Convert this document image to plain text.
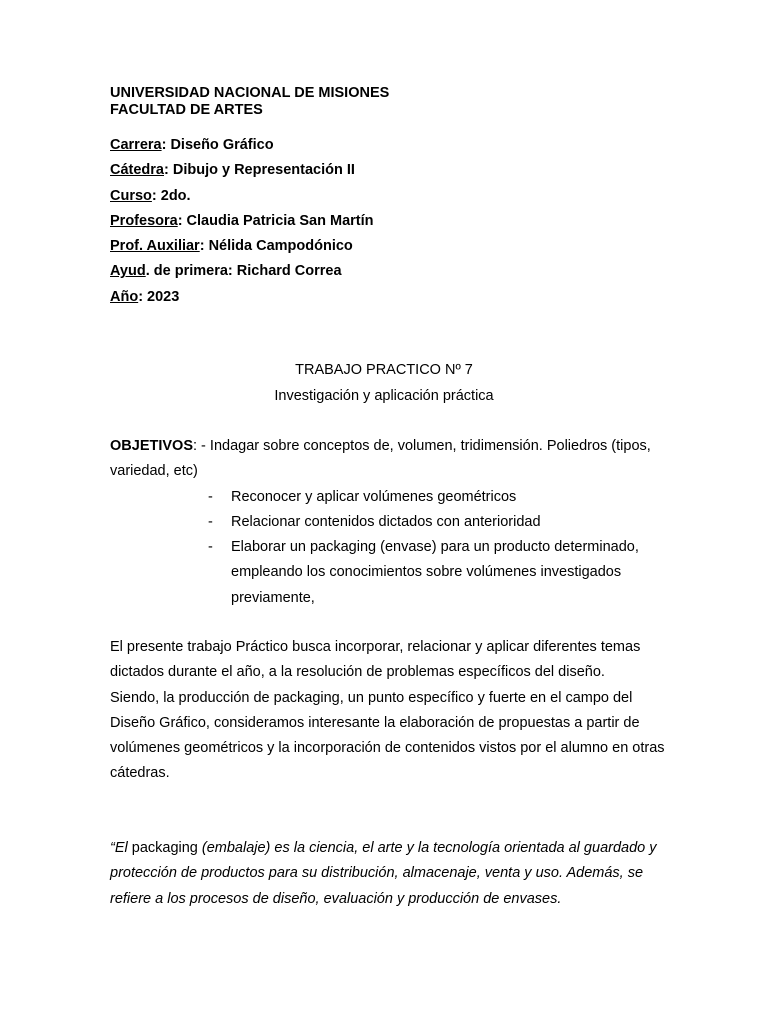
UNIVERSIDAD NACIONAL DE MISIONES
FACULTAD DE ARTES
Carrera: Diseño Gráfico
Cátedra: Dibujo y Representación II
Curso: 2do.
Profesora: Claudia Patricia San Martín
Prof. Auxiliar: Nélida Campodónico
Ayud. de primera: Richard Correa
Año: 2023
TRABAJO PRACTICO Nº 7
Investigación y aplicación práctica
OBJETIVOS: - Indagar sobre conceptos de, volumen, tridimensión. Poliedros (tipos, variedad, etc)
- Reconocer y aplicar volúmenes geométricos
- Relacionar contenidos dictados con anterioridad
- Elaborar un packaging (envase) para un producto determinado, empleando los conocimientos sobre volúmenes investigados previamente,
El presente trabajo Práctico busca incorporar, relacionar y aplicar diferentes temas dictados durante el año, a la resolución de problemas específicos del diseño.
Siendo, la producción de packaging, un punto específico y fuerte en el campo del Diseño Gráfico, consideramos interesante la elaboración de propuestas a partir de volúmenes geométricos y la incorporación de contenidos vistos por el alumno en otras cátedras.
“El packaging (embalaje) es la ciencia, el arte y la tecnología orientada al guardado y protección de productos para su distribución, almacenaje, venta y uso. Además, se refiere a los procesos de diseño, evaluación y producción de envases.
